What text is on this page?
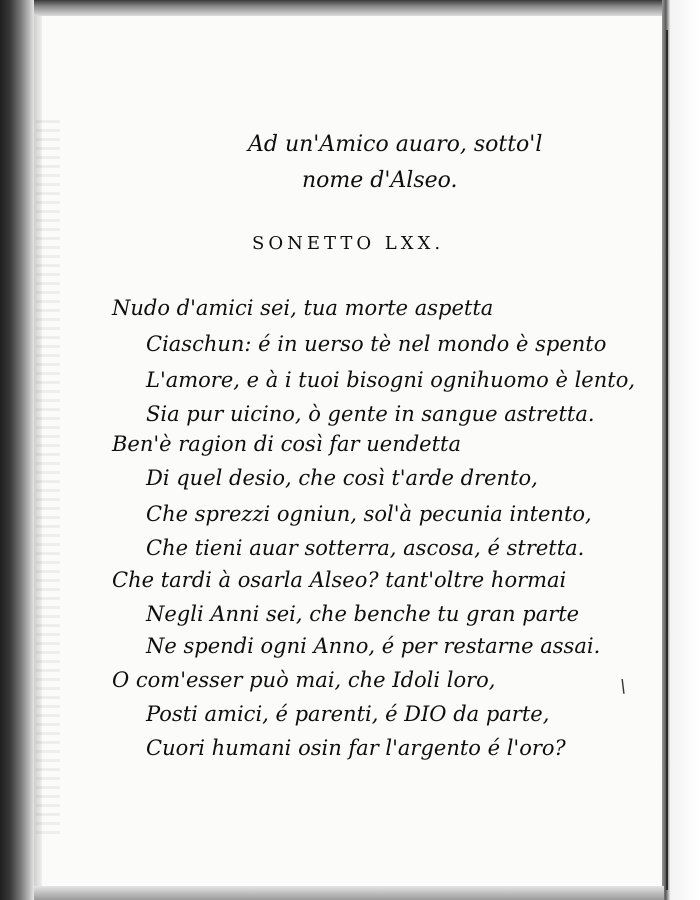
Ad un'Amico auaro, sotto'l
nome d'Alseo.
SONETTO LXX.
Nudo d'amici sei, tua morte aspetta
Ciaschun: é in uerso tè nel mondo è spento
L'amore, e à i tuoi bisogni ognihuomo è lento,
Sia pur uicino, ò gente in sangue astretta.
Ben'è ragion di così far uendetta
Di quel desio, che così t'arde drento,
Che sprezzi ogniun, sol'à pecunia intento,
Che tieni auar sotterra, ascosa, é stretta.
Che tardi à osarla Alseo? tant'oltre hormai
Negli Anni sei, che benche tu gran parte
Ne spendi ogni Anno, é per restarne assai.
O com'esser può mai, che Idoli loro,
Posti amici, é parenti, é DIO da parte,
Cuori humani osin far l'argento é l'oro?
\
